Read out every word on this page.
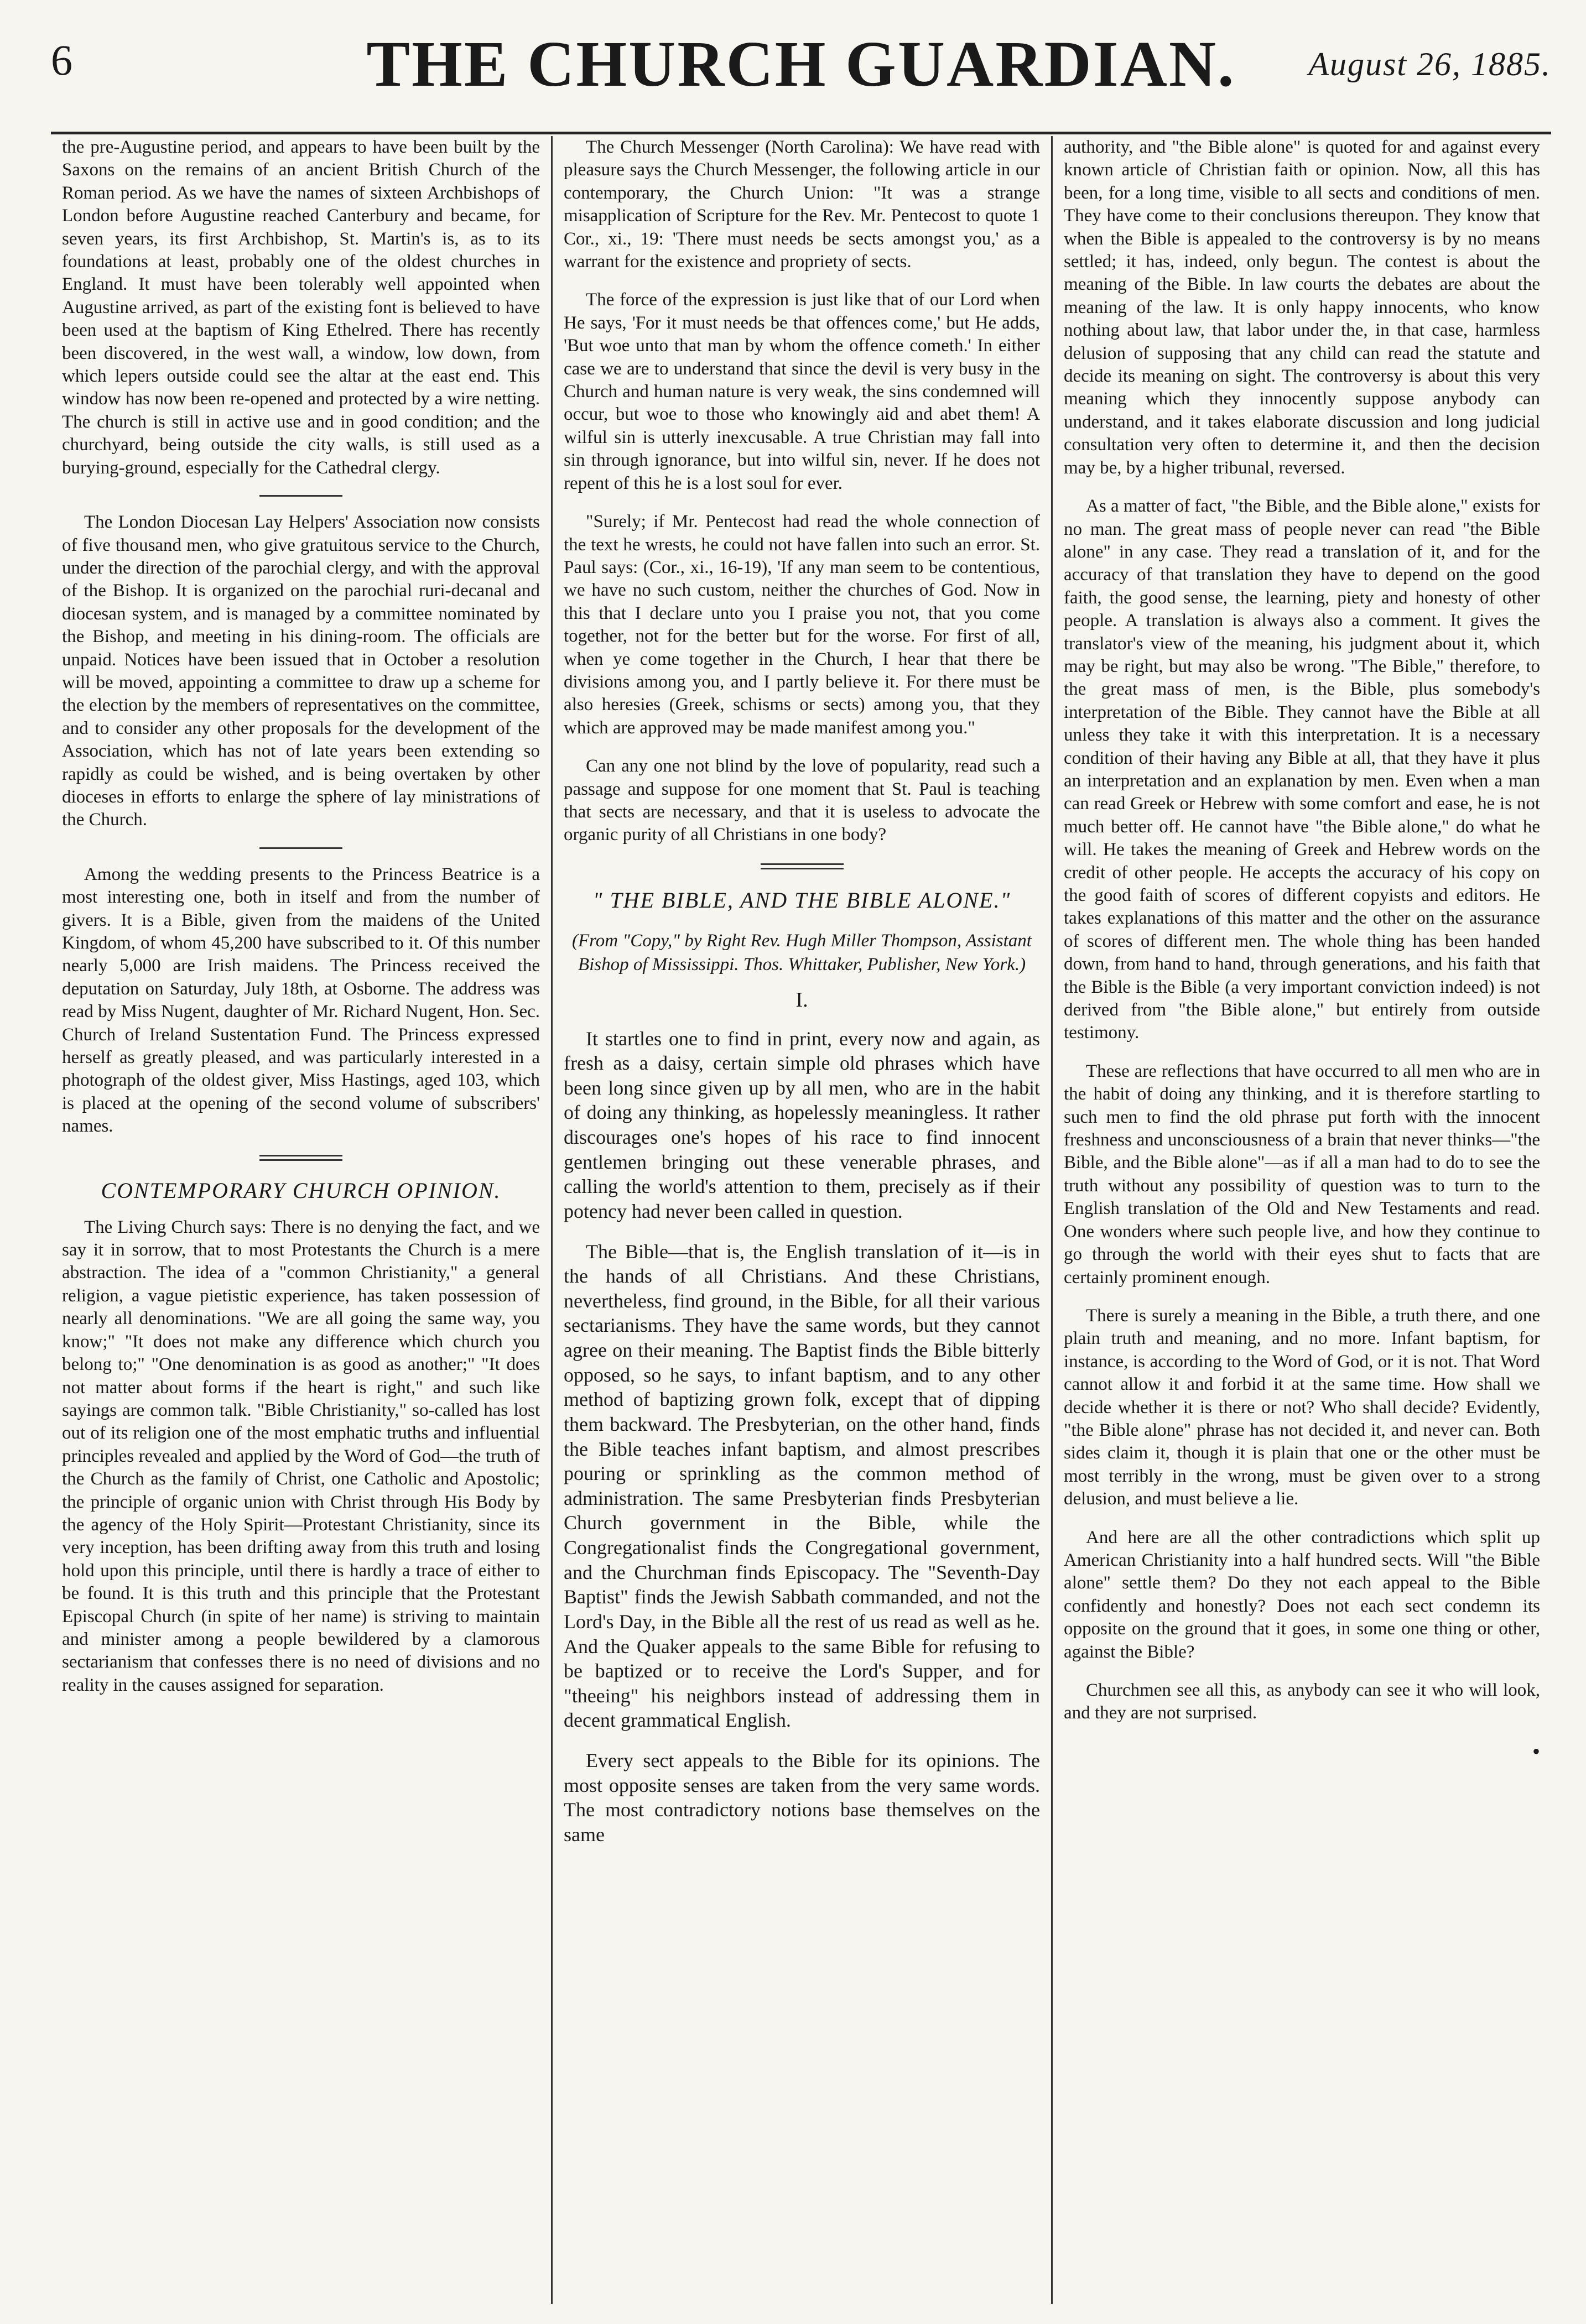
6	THE CHURCH GUARDIAN.	August 26, 1885.

the pre-Augustine period, and appears to have been built by the Saxons on the remains of an ancient British Church of the Roman period. As we have the names of sixteen Archbishops of London before Augustine reached Canterbury and became, for seven years, its first Archbishop, St. Martin's is, as to its foundations at least, probably one of the oldest churches in England. It must have been tolerably well appointed when Augustine arrived, as part of the existing font is believed to have been used at the baptism of King Ethelred. There has recently been discovered, in the west wall, a window, low down, from which lepers outside could see the altar at the east end. This window has now been re-opened and protected by a wire netting. The church is still in active use and in good condition; and the churchyard, being outside the city walls, is still used as a burying-ground, especially for the Cathedral clergy.

The London Diocesan Lay Helpers' Association now consists of five thousand men, who give gratuitous service to the Church, under the direction of the parochial clergy, and with the approval of the Bishop. It is organized on the parochial ruri-decanal and diocesan system, and is managed by a committee nominated by the Bishop, and meeting in his dining-room. The officials are unpaid. Notices have been issued that in October a resolution will be moved, appointing a committee to draw up a scheme for the election by the members of representatives on the committee, and to consider any other proposals for the development of the Association, which has not of late years been extending so rapidly as could be wished, and is being overtaken by other dioceses in efforts to enlarge the sphere of lay ministrations of the Church.

Among the wedding presents to the Princess Beatrice is a most interesting one, both in itself and from the number of givers. It is a Bible, given from the maidens of the United Kingdom, of whom 45,200 have subscribed to it. Of this number nearly 5,000 are Irish maidens. The Princess received the deputation on Saturday, July 18th, at Osborne. The address was read by Miss Nugent, daughter of Mr. Richard Nugent, Hon. Sec. Church of Ireland Sustentation Fund. The Princess expressed herself as greatly pleased, and was particularly interested in a photograph of the oldest giver, Miss Hastings, aged 103, which is placed at the opening of the second volume of subscribers' names.

CONTEMPORARY CHURCH OPINION.

The Living Church says: There is no denying the fact, and we say it in sorrow, that to most Protestants the Church is a mere abstraction. The idea of a "common Christianity," a general religion, a vague pietistic experience, has taken possession of nearly all denominations. "We are all going the same way, you know;" "It does not make any difference which church you belong to;" "One denomination is as good as another;" "It does not matter about forms if the heart is right," and such like sayings are common talk. "Bible Christianity," so-called has lost out of its religion one of the most emphatic truths and influential principles revealed and applied by the Word of God—the truth of the Church as the family of Christ, one Catholic and Apostolic; the principle of organic union with Christ through His Body by the agency of the Holy Spirit—Protestant Christianity, since its very inception, has been drifting away from this truth and losing hold upon this principle, until there is hardly a trace of either to be found. It is this truth and this principle that the Protestant Episcopal Church (in spite of her name) is striving to maintain and minister among a people bewildered by a clamorous sectarianism that confesses there is no need of divisions and no reality in the causes assigned for separation.

The Church Messenger (North Carolina): We have read with pleasure says the Church Messenger, the following article in our contemporary, the Church Union: "It was a strange misapplication of Scripture for the Rev. Mr. Pentecost to quote 1 Cor., xi., 19: 'There must needs be sects amongst you,' as a warrant for the existence and propriety of sects.

The force of the expression is just like that of our Lord when He says, 'For it must needs be that offences come,' but He adds, 'But woe unto that man by whom the offence cometh.' In either case we are to understand that since the devil is very busy in the Church and human nature is very weak, the sins condemned will occur, but woe to those who knowingly aid and abet them! A wilful sin is utterly inexcusable. A true Christian may fall into sin through ignorance, but into wilful sin, never. If he does not repent of this he is a lost soul for ever.

"Surely; if Mr. Pentecost had read the whole connection of the text he wrests, he could not have fallen into such an error. St. Paul says: (Cor., xi., 16-19), 'If any man seem to be contentious, we have no such custom, neither the churches of God. Now in this that I declare unto you I praise you not, that you come together, not for the better but for the worse. For first of all, when ye come together in the Church, I hear that there be divisions among you, and I partly believe it. For there must be also heresies (Greek, schisms or sects) among you, that they which are approved may be made manifest among you."

Can any one not blind by the love of popularity, read such a passage and suppose for one moment that St. Paul is teaching that sects are necessary, and that it is useless to advocate the organic purity of all Christians in one body?

" THE BIBLE, AND THE BIBLE ALONE."
(From "Copy," by Right Rev. Hugh Miller Thompson, Assistant Bishop of Mississippi. Thos. Whittaker, Publisher, New York.)
I.

It startles one to find in print, every now and again, as fresh as a daisy, certain simple old phrases which have been long since given up by all men, who are in the habit of doing any thinking, as hopelessly meaningless. It rather discourages one's hopes of his race to find innocent gentlemen bringing out these venerable phrases, and calling the world's attention to them, precisely as if their potency had never been called in question.

The Bible—that is, the English translation of it—is in the hands of all Christians. And these Christians, nevertheless, find ground, in the Bible, for all their various sectarianisms. They have the same words, but they cannot agree on their meaning. The Baptist finds the Bible bitterly opposed, so he says, to infant baptism, and to any other method of baptizing grown folk, except that of dipping them backward. The Presbyterian, on the other hand, finds the Bible teaches infant baptism, and almost prescribes pouring or sprinkling as the common method of administration. The same Presbyterian finds Presbyterian Church government in the Bible, while the Congregationalist finds the Congregational government, and the Churchman finds Episcopacy. The "Seventh-Day Baptist" finds the Jewish Sabbath commanded, and not the Lord's Day, in the Bible all the rest of us read as well as he. And the Quaker appeals to the same Bible for refusing to be baptized or to receive the Lord's Supper, and for "theeing" his neighbors instead of addressing them in decent grammatical English.

Every sect appeals to the Bible for its opinions. The most opposite senses are taken from the very same words. The most contradictory notions base themselves on the same

authority, and "the Bible alone" is quoted for and against every known article of Christian faith or opinion. Now, all this has been, for a long time, visible to all sects and conditions of men. They have come to their conclusions thereupon. They know that when the Bible is appealed to the controversy is by no means settled; it has, indeed, only begun. The contest is about the meaning of the Bible. In law courts the debates are about the meaning of the law. It is only happy innocents, who know nothing about law, that labor under the, in that case, harmless delusion of supposing that any child can read the statute and decide its meaning on sight. The controversy is about this very meaning which they innocently suppose anybody can understand, and it takes elaborate discussion and long judicial consultation very often to determine it, and then the decision may be, by a higher tribunal, reversed.

As a matter of fact, "the Bible, and the Bible alone," exists for no man. The great mass of people never can read "the Bible alone" in any case. They read a translation of it, and for the accuracy of that translation they have to depend on the good faith, the good sense, the learning, piety and honesty of other people. A translation is always also a comment. It gives the translator's view of the meaning, his judgment about it, which may be right, but may also be wrong. "The Bible," therefore, to the great mass of men, is the Bible, plus somebody's interpretation of the Bible. They cannot have the Bible at all unless they take it with this interpretation. It is a necessary condition of their having any Bible at all, that they have it plus an interpretation and an explanation by men. Even when a man can read Greek or Hebrew with some comfort and ease, he is not much better off. He cannot have "the Bible alone," do what he will. He takes the meaning of Greek and Hebrew words on the credit of other people. He accepts the accuracy of his copy on the good faith of scores of different copyists and editors. He takes explanations of this matter and the other on the assurance of scores of different men. The whole thing has been handed down, from hand to hand, through generations, and his faith that the Bible is the Bible (a very important conviction indeed) is not derived from "the Bible alone," but entirely from outside testimony.

These are reflections that have occurred to all men who are in the habit of doing any thinking, and it is therefore startling to such men to find the old phrase put forth with the innocent freshness and unconsciousness of a brain that never thinks—"the Bible, and the Bible alone"—as if all a man had to do to see the truth without any possibility of question was to turn to the English translation of the Old and New Testaments and read. One wonders where such people live, and how they continue to go through the world with their eyes shut to facts that are certainly prominent enough.

There is surely a meaning in the Bible, a truth there, and one plain truth and meaning, and no more. Infant baptism, for instance, is according to the Word of God, or it is not. That Word cannot allow it and forbid it at the same time. How shall we decide whether it is there or not? Who shall decide? Evidently, "the Bible alone" phrase has not decided it, and never can. Both sides claim it, though it is plain that one or the other must be most terribly in the wrong, must be given over to a strong delusion, and must believe a lie.

And here are all the other contradictions which split up American Christianity into a half hundred sects. Will "the Bible alone" settle them? Do they not each appeal to the Bible confidently and honestly? Does not each sect condemn its opposite on the ground that it goes, in some one thing or other, against the Bible?

Churchmen see all this, as anybody can see it who will look, and they are not surprised.

•
